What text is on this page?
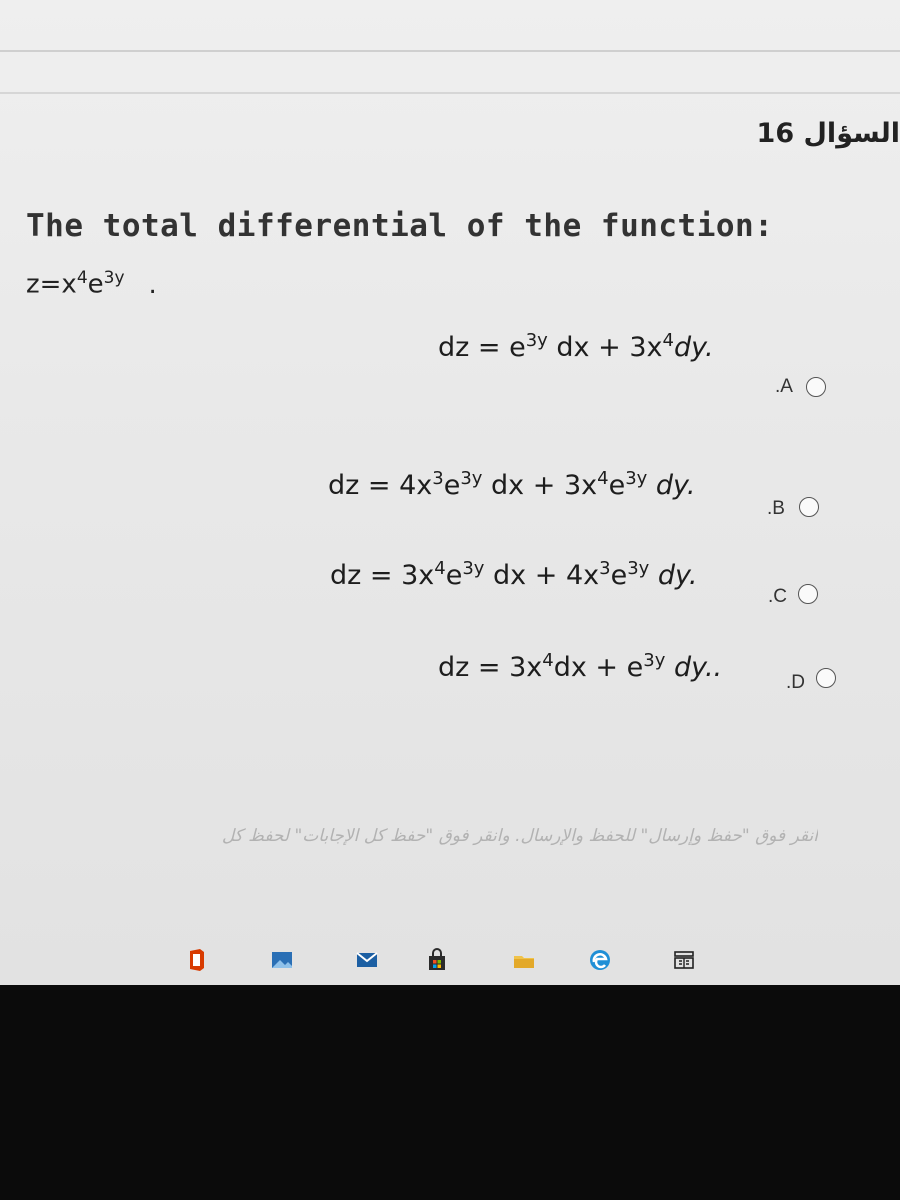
السؤال 16
The total differential of the function:
$z=x^4e^{3y}$ .
dz = $e^{3y}$ dx + $3x^4dy$.
.A
dz = $4x^3e^{3y}$ dx + $3x^4e^{3y}$ dy.
.B
dz = $3x^4e^{3y}$ dx + $4x^3e^{3y}$ dy.
.C
dz = $3x^4dx + e^{3y}$ dy..	.D
انقر فوق "حفظ وإرسال" للحفظ والإرسال. وانقر فوق "حفظ كل الإجابات" لحفظ كل
